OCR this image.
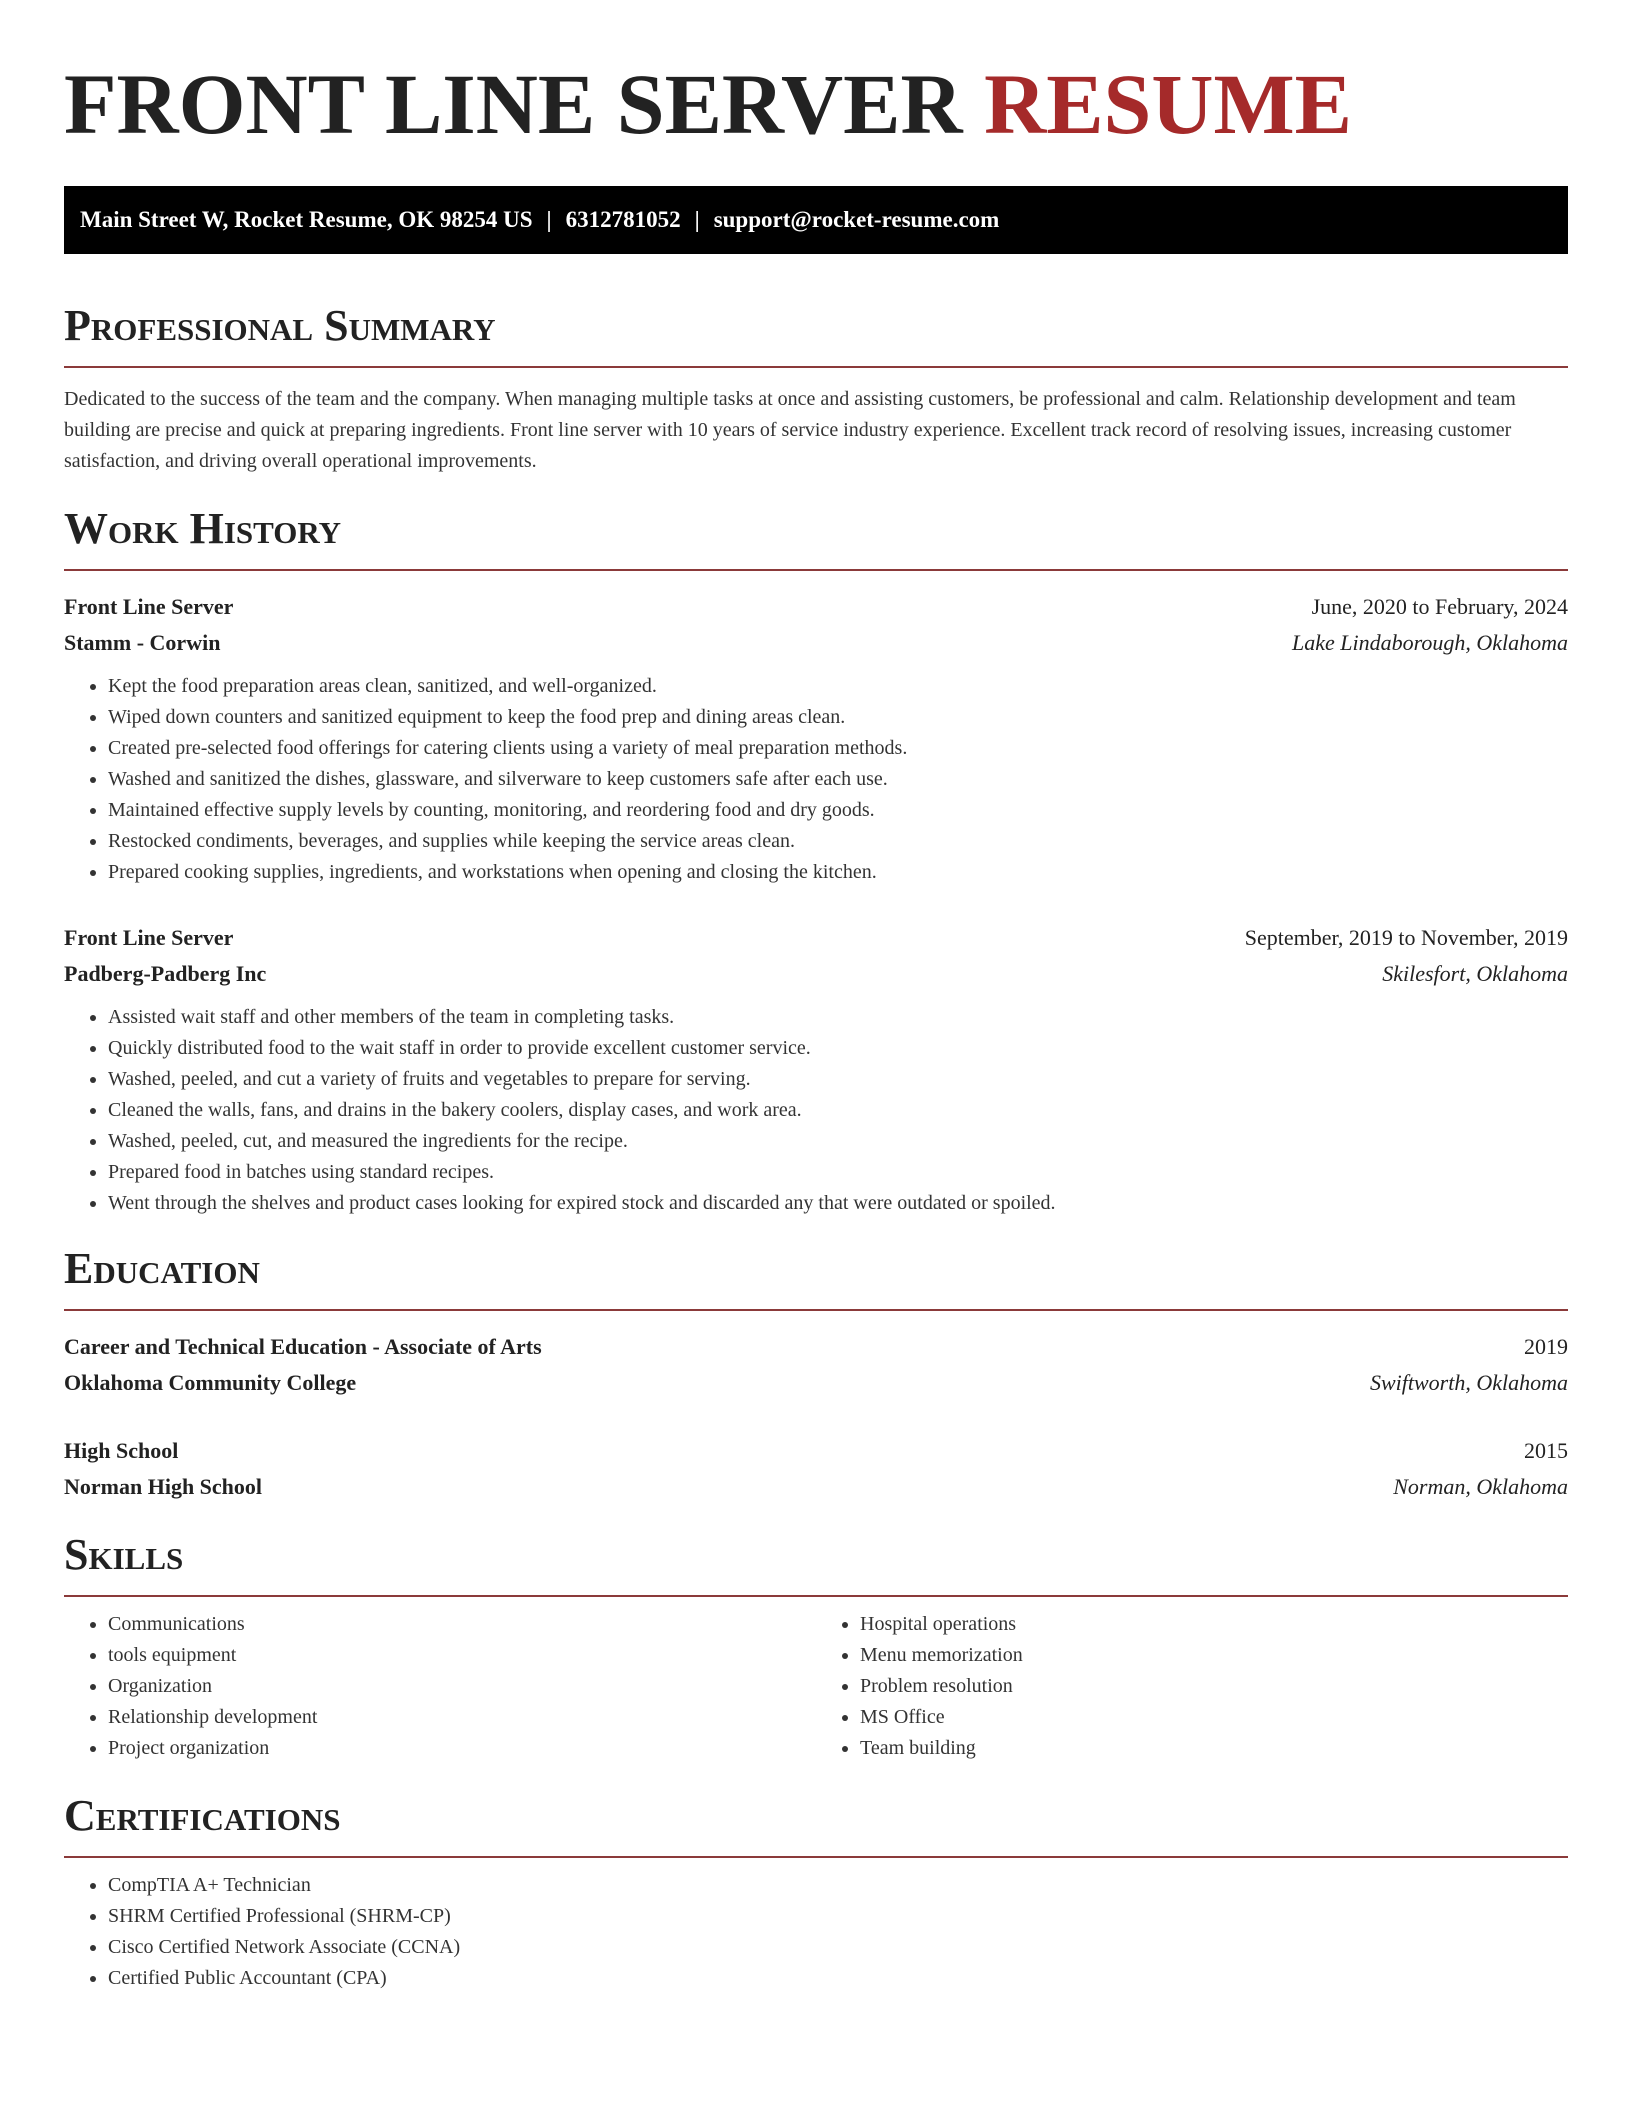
FRONT LINE SERVER RESUME
Main Street W, Rocket Resume, OK 98254 US | 6312781052 | support@rocket-resume.com
Professional Summary

Dedicated to the success of the team and the company. When managing multiple tasks at once and assisting customers, be professional and calm. Relationship development and team building are precise and quick at preparing ingredients. Front line server with 10 years of service industry experience. Excellent track record of resolving issues, increasing customer satisfaction, and driving overall operational improvements.

Work History
Front Line Server	June, 2020 to February, 2024
Stamm - Corwin	Lake Lindaborough, Oklahoma
• Kept the food preparation areas clean, sanitized, and well-organized.
• Wiped down counters and sanitized equipment to keep the food prep and dining areas clean.
• Created pre-selected food offerings for catering clients using a variety of meal preparation methods.
• Washed and sanitized the dishes, glassware, and silverware to keep customers safe after each use.
• Maintained effective supply levels by counting, monitoring, and reordering food and dry goods.
• Restocked condiments, beverages, and supplies while keeping the service areas clean.
• Prepared cooking supplies, ingredients, and workstations when opening and closing the kitchen.
Front Line Server	September, 2019 to November, 2019
Padberg-Padberg Inc	Skilesfort, Oklahoma
• Assisted wait staff and other members of the team in completing tasks.
• Quickly distributed food to the wait staff in order to provide excellent customer service.
• Washed, peeled, and cut a variety of fruits and vegetables to prepare for serving.
• Cleaned the walls, fans, and drains in the bakery coolers, display cases, and work area.
• Washed, peeled, cut, and measured the ingredients for the recipe.
• Prepared food in batches using standard recipes.
• Went through the shelves and product cases looking for expired stock and discarded any that were outdated or spoiled.
Education
Career and Technical Education - Associate of Arts	2019
Oklahoma Community College	Swiftworth, Oklahoma
High School	2015
Norman High School	Norman, Oklahoma
Skills
• Communications
• tools equipment
• Organization
• Relationship development
• Project organization
• Hospital operations
• Menu memorization
• Problem resolution
• MS Office
• Team building
Certifications
• CompTIA A+ Technician
• SHRM Certified Professional (SHRM-CP)
• Cisco Certified Network Associate (CCNA)
• Certified Public Accountant (CPA)
